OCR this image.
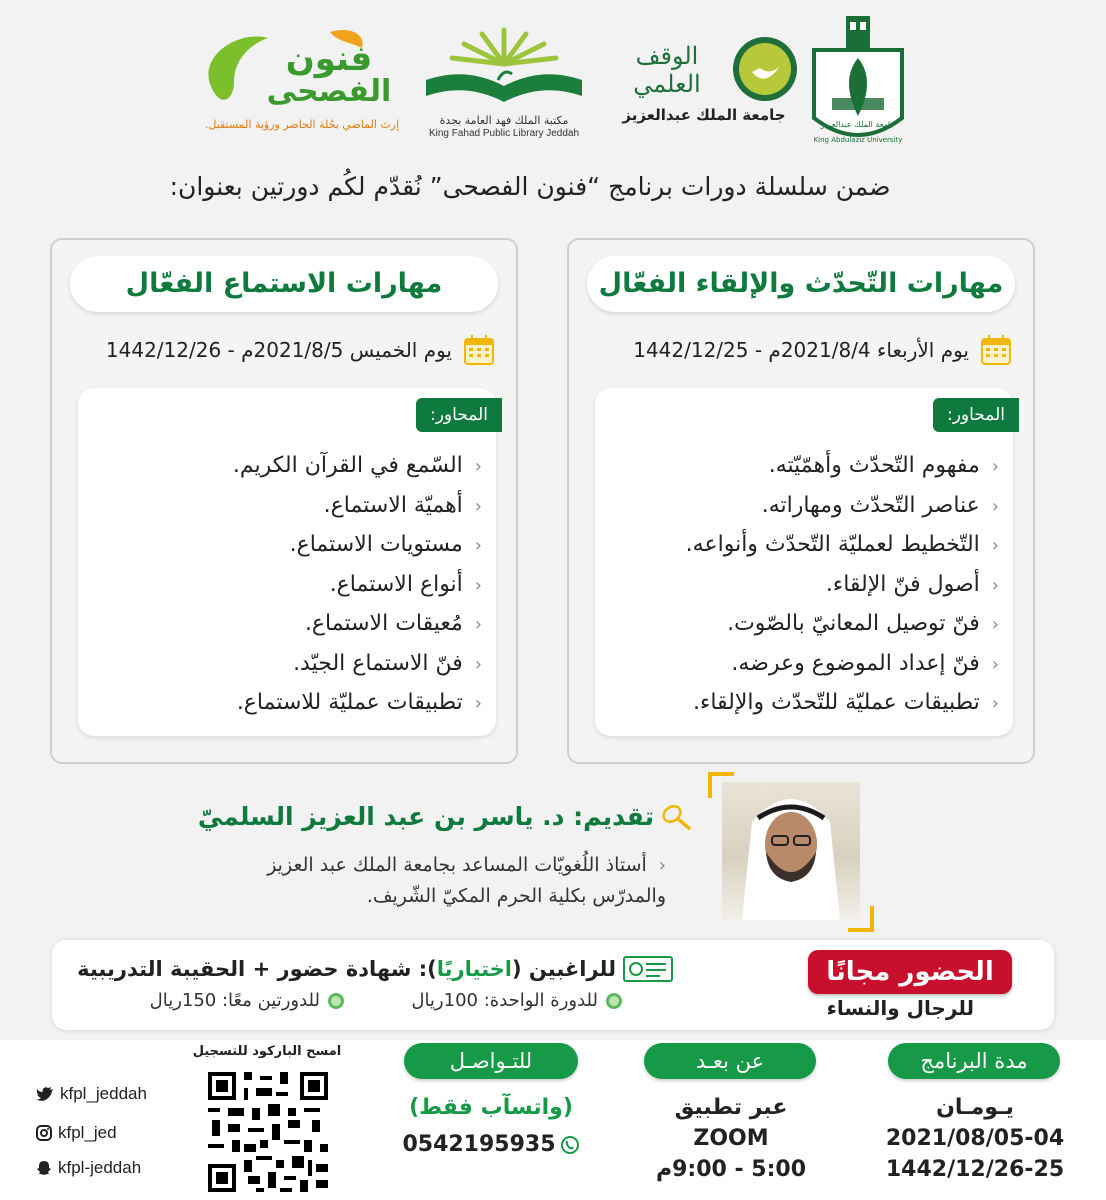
فنون
الفصحى
إرث الماضي بحُلة الحاضر ورؤية المستقبل.	مكتبة الملك فهد العامة بجدة
King Fahad Public Library Jeddah
الوقف العلمي
جامعة الملك عبدالعزيز
جامعة الملك عبدالعزيز
King Abdulaziz University
ضمن سلسلة دورات برنامج “فنون الفصحى” نُقدّم لكُم دورتين بعنوان:
مهارات التّحدّث والإلقاء الفعّال
يوم الأربعاء 2021/8/4م - 1442/12/25
المحاور:
‹مفهوم التّحدّث وأهمّيّته.
‹عناصر التّحدّث ومهاراته.
‹التّخطيط لعمليّة التّحدّث وأنواعه.
‹أصول فنّ الإلقاء.
‹فنّ توصيل المعانيّ بالصّوت.
‹فنّ إعداد الموضوع وعرضه.
‹تطبيقات عمليّة للتّحدّث والإلقاء.
مهارات الاستماع الفعّال
يوم الخميس 2021/8/5م - 1442/12/26
المحاور:
‹السّمع في القرآن الكريم.
‹أهميّة الاستماع.
‹مستويات الاستماع.
‹أنواع الاستماع.
‹مُعيقات الاستماع.
‹فنّ الاستماع الجيّد.
‹تطبيقات عمليّة للاستماع.
تقديم: د. ياسر بن عبد العزيز السلميّ
‹أستاذ اللُغويّات المساعد بجامعة الملك عبد العزيز
والمدرّس بكلية الحرم المكيّ الشّريف.
الحضور مجانًا
للرجال والنساء
للراغبين (
اختياريًا
): شهادة حضور + الحقيبة التدريبية
للدورة الواحدة: 100ريال
للدورتين معًا: 150ريال
مدة البرنامج
يـومـان
2021/08/05-04
1442/12/26-25
عن بعـد
عبر تطبيق
ZOOM
5:00 - 9:00م
للتـواصـل
(واتسآب فقط)
0542195935
امسح الباركود للتسجيل
kfpl_jeddah
kfpl_jed
kfpl-jeddah
